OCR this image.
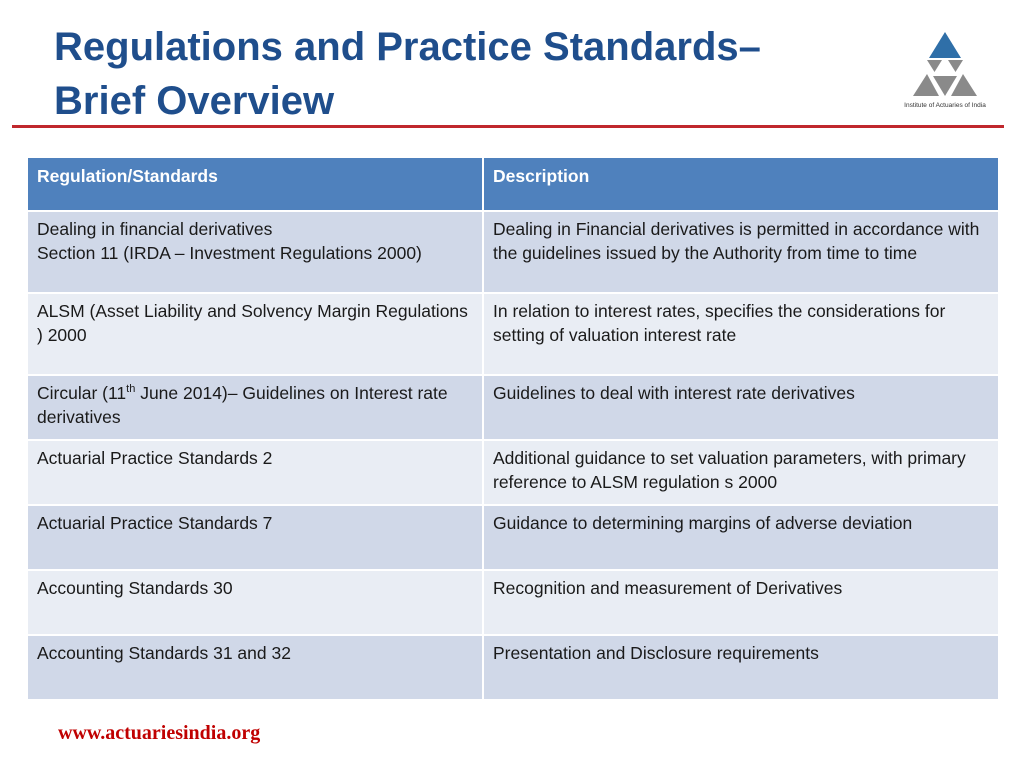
Regulations and Practice Standards–
Brief Overview	Institute of Actuaries of India
Regulation/Standards	Description
Dealing in financial derivatives
Section 11 (IRDA – Investment Regulations 2000)	Dealing in Financial derivatives is permitted in accordance with the guidelines issued by the Authority from time to time
ALSM (Asset Liability and Solvency Margin Regulations ) 2000	In relation to interest rates, specifies the considerations for setting of valuation interest rate
Circular (11th June 2014)– Guidelines on Interest rate derivatives	Guidelines to deal with interest rate derivatives
Actuarial Practice Standards 2	Additional guidance to set valuation parameters, with primary reference to ALSM regulation s 2000
Actuarial Practice Standards 7	Guidance to determining margins of adverse deviation
Accounting Standards 30	Recognition and measurement of Derivatives
Accounting Standards 31 and 32	Presentation and Disclosure requirements
www.actuariesindia.org
